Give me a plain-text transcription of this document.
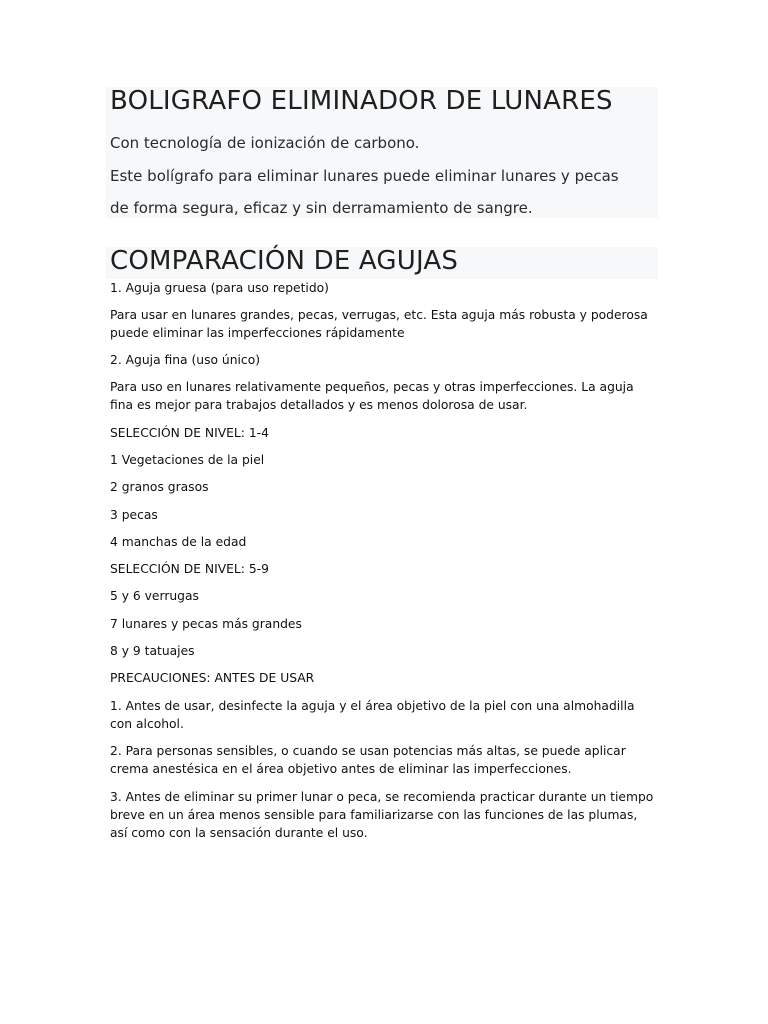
BOLIGRAFO ELIMINADOR DE LUNARES

Con tecnología de ionización de carbono.

Este bolígrafo para eliminar lunares puede eliminar lunares y pecas

de forma segura, eficaz y sin derramamiento de sangre.

COMPARACIÓN DE AGUJAS

1. Aguja gruesa (para uso repetido)

Para usar en lunares grandes, pecas, verrugas, etc. Esta aguja más robusta y poderosa puede eliminar las imperfecciones rápidamente

2. Aguja fina (uso único)

Para uso en lunares relativamente pequeños, pecas y otras imperfecciones. La aguja fina es mejor para trabajos detallados y es menos dolorosa de usar.

SELECCIÓN DE NIVEL: 1-4

1 Vegetaciones de la piel

2 granos grasos

3 pecas

4 manchas de la edad

SELECCIÓN DE NIVEL: 5-9

5 y 6 verrugas

7 lunares y pecas más grandes

8 y 9 tatuajes

PRECAUCIONES: ANTES DE USAR

1. Antes de usar, desinfecte la aguja y el área objetivo de la piel con una almohadilla con alcohol.

2. Para personas sensibles, o cuando se usan potencias más altas, se puede aplicar crema anestésica en el área objetivo antes de eliminar las imperfecciones.

3. Antes de eliminar su primer lunar o peca, se recomienda practicar durante un tiempo breve en un área menos sensible para familiarizarse con las funciones de las plumas, así como con la sensación durante el uso.
